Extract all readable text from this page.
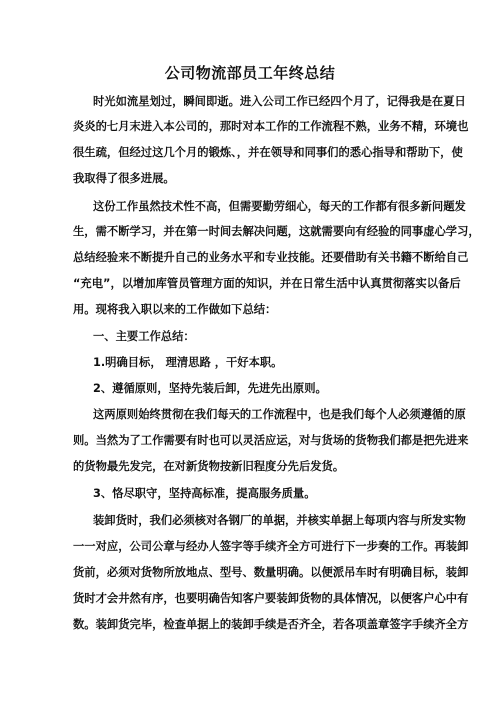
公司物流部员工年终总结
时光如流星划过，瞬间即逝。进入公司工作已经四个月了，记得我是在夏日
炎炎的七月末进入本公司的，那时对本工作的工作流程不熟，业务不精，环境也
很生疏，但经过这几个月的锻炼、，并在领导和同事们的悉心指导和帮助下，使
我取得了很多进展。
这份工作虽然技术性不高，但需要勤劳细心，每天的工作都有很多新问题发
生，需不断学习，并在第一时间去解决问题，这就需要向有经验的同事虚心学习，
总结经验来不断提升自己的业务水平和专业技能。还要借助有关书籍不断给自己
“充电”，以增加库管员管理方面的知识，并在日常生活中认真贯彻落实以备后
用。现将我入职以来的工作做如下总结：
一、主要工作总结：
1.明确目标， 理清思路 ，干好本职。
2、遵循原则，坚持先装后卸，先进先出原则。
这两原则始终贯彻在我们每天的工作流程中，也是我们每个人必须遵循的原
则。当然为了工作需要有时也可以灵活应运，对与货场的货物我们都是把先进来
的货物最先发完，在对新货物按新旧程度分先后发货。
3、恪尽职守，坚持高标准，提高服务质量。
装卸货时，我们必须核对各钢厂的单据，并核实单据上每项内容与所发实物
一一对应，公司公章与经办人签字等手续齐全方可进行下一步奏的工作。再装卸
货前，必须对货物所放地点、型号、数量明确。以便派吊车时有明确目标，装卸
货时才会井然有序，也要明确告知客户要装卸货物的具体情况，以便客户心中有
数。装卸货完毕，检查单据上的装卸手续是否齐全，若各项盖章签字手续齐全方
